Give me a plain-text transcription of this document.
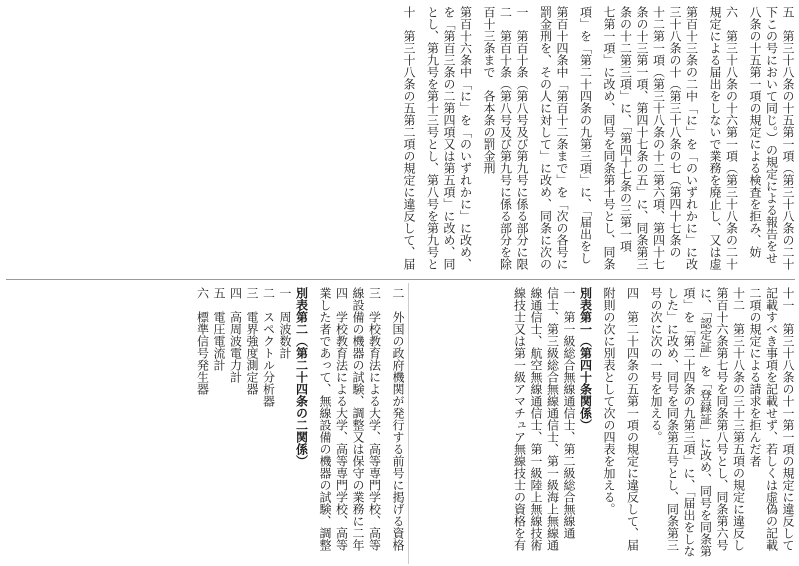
五　第三十八条の十五第一項（第三十八条の二十
下この号において同じ。）の規定による報告をせ
八条の十五第一項の規定による検査を拒み、妨
六　第三十八条の十六第一項（第三十八条の二十
規定による届出をしないで業務を廃止し、又は虚
第百十三条の二中「に」を「のいずれかに」に改
三十八条の十（第三十八条の七（第四十七条の
十二第一項（第三十八条の十二第六項、第四十七
条の十三第一項、第四十七条の五」に、同条第三
条の十二第三項」に、「第四十七条の三第一項
七第一項」に改め、同号を同条第十号とし、同条
項」を「第二十四条の九第三項」に、「届出をし
第百十四条中「第百十二条まで」を「次の各号に
罰金刑を、その人に対して」に改め、同条に次の
一　第百十条（第八号及び第九号に係る部分に限　
二　第百十条（第八号及び第九号に係る部分を除
百十三条まで　各本条の罰金刑
第百十六条中「に」を「のいずれかに」に改め、
を「第百三条の二第四項又は第五項」に改め、同
とし、第九号を第十三号とし、第八号を第九号と
十　第三十八条の五第二項の規定に違反して、届
十一　第三十八条の十一第一項の規定に違反して
記載すべき事項を記載せず、若しくは虚偽の記載
二項の規定による請求を拒んだ者
十二　第三十八条の三十三第五項の規定に違反し
第百十六条第七号を同条第八号とし、同条第六号
に、「認定証」を「登録証」に改め、同号を同条第
項」を「第二十四条の九第三項」に、「届出をしな
した」に改め、同号を同条第五号とし、同条第三
号の次に次の一号を加える。
四　第二十四条の五第一項の規定に違反して、届
附則の次に別表として次の四表を加える。
別表第一（第四十条関係）
一　第一級総合無線通信士、第二級総合無線通
信士、第三級総合無線通信士、第一級海上無線通
線通信士、航空無線通信士、第一級陸上無線技術
線技士又は第一級アマチュア無線技士の資格を有
二　外国の政府機関が発行する前号に掲げる資格
三　学校教育法による大学、高等専門学校、高等
線設備の機器の試験、調整又は保守の業務に二年
四　学校教育法による大学、高等専門学校、高等
業した者であって、無線設備の機器の試験、調整
別表第二（第二十四条の二関係）
一　周波数計
二　スペクトル分析器
三　電界強度測定器
四　高周波電力計
五　電圧電流計
六　標準信号発生器
